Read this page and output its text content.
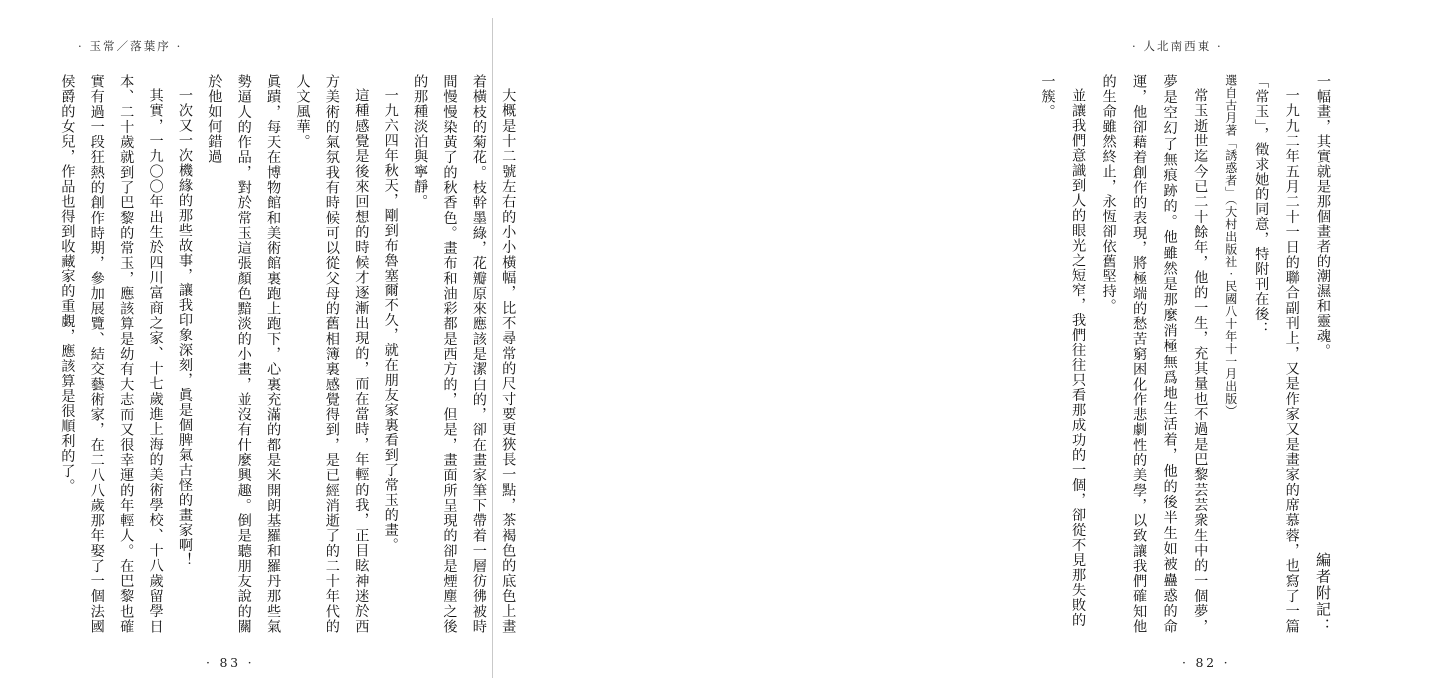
· 玉常／落葉序 ·
大概是十二號左右的小小橫幅，比不尋常的尺寸要更狹長一點，茶褐色的底色上畫着橫枝的菊花。枝幹墨綠，花瓣原來應該是潔白的，卻在畫家筆下帶着一層彷彿被時間慢慢染黃了的秋香色。畫布和油彩都是西方的，但是，畫面所呈現的卻是煙塵之後的那種淡泊與寧靜。 一九六四年秋天，剛到布魯塞爾不久，就在朋友家裏看到了常玉的畫。 這種感覺是後來回想的時候才逐漸出現的，而在當時，年輕的我，正目眩神迷於西方美術的氣氛我有時候可以從父母的舊相簿裏感覺得到，是已經消逝了的二十年代的人文風華。 眞蹟，每天在博物館和美術館裏跑上跑下，心裏充滿的都是米開朗基羅和羅丹那些氣勢逼人的作品，對於常玉這張顏色黯淡的小畫，並沒有什麼興趣。倒是聽朋友說的關於他如何錯過 一次又一次機緣的那些故事，讓我印象深刻，眞是個脾氣古怪的畫家啊！ 其實，一九〇〇年出生於四川富商之家、十七歲進上海的美術學校、十八歲留學日本、二十歲就到了巴黎的常玉，應該算是幼有大志而又很幸運的年輕人。在巴黎也確實有過一段狂熱的創作時期，參加展覽、結交藝術家，在二八八歲那年娶了一個法國侯爵的女兒，作品也得到收藏家的重覷，應該算是很順利的了。
· 83 ·
· 人北南西東 ·
一幅畫，其實就是那個畫者的潮濕和靈魂。 編者附記： 一九九二年五月二十一日的聯合副刊上，又是作家又是畫家的席慕蓉，也寫了一篇「常玉」，徵求她的同意，特附刊在後： 選自古月著「誘惑者」（大村出版社‧民國八十年十一月出版） 常玉逝世迄今已二十餘年，他的一生，充其量也不過是巴黎芸芸衆生中的一個夢，夢是空幻了無痕跡的。他雖然是那麼消極無爲地生活着，他的後半生如被蠱惑的命運，他卻藉着創作的表現，將極端的愁苦窮困化作悲劇性的美學，以致讓我們確知他的生命雖然終止，永恆卻依舊堅持。 並讓我們意識到人的眼光之短窄，我們往往只看那成功的一個，卻從不見那失敗的 一簇。
· 82 ·
